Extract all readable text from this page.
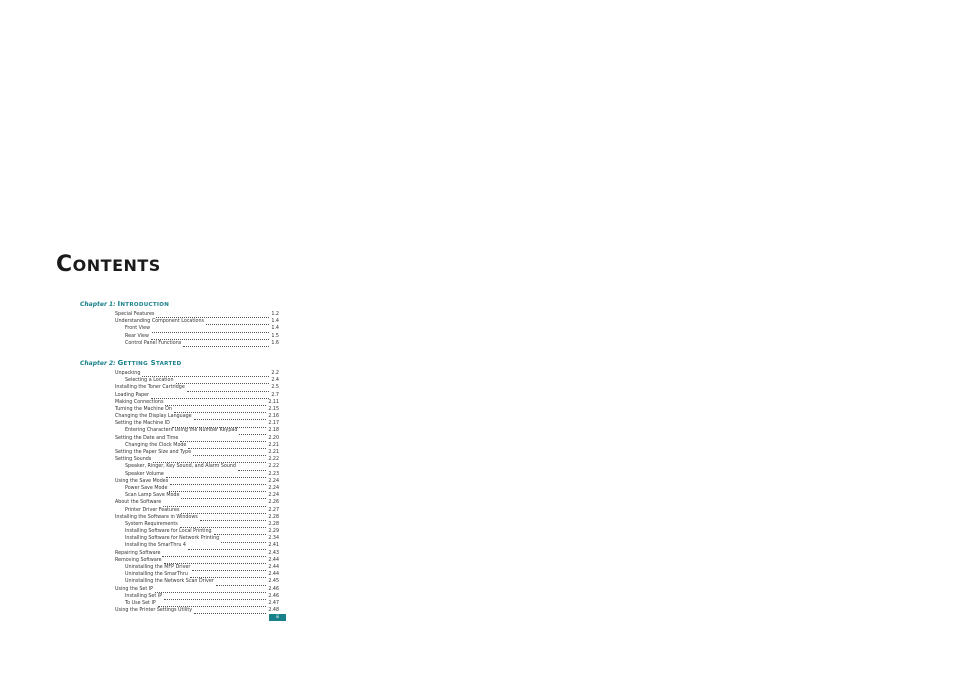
CONTENTS
Chapter 1: INTRODUCTION
Special Features	1.2
Understanding Component Locations	1.4
Front View	1.4
Rear View	1.5
Control Panel Functions	1.6
Chapter 2: GETTING STARTED
Unpacking	2.2
Selecting a Location	2.4
Installing the Toner Cartridge	2.5
Loading Paper	2.7
Making Connections	2.11
Turning the Machine On	2.15
Changing the Display Language	2.16
Setting the Machine ID	2.17
Entering Characters Using the Number Keypad	2.18
Setting the Date and Time	2.20
Changing the Clock Mode	2.21
Setting the Paper Size and Type	2.21
Setting Sounds	2.22
Speaker, Ringer, Key Sound, and Alarm Sound	2.22
Speaker Volume	2.23
Using the Save Modes	2.24
Power Save Mode	2.24
Scan Lamp Save Mode	2.24
About the Software	2.26
Printer Driver Features	2.27
Installing the Software in Windows	2.28
System Requirements	2.28
Installing Software for Local Printing	2.29
Installing Software for Network Printing	2.34
Installing the SmarThru 4	2.41
Repairing Software	2.43
Removing Software	2.44
Uninstalling the MFP Driver	2.44
Uninstalling the SmarThru	2.44
Uninstalling the Network Scan Driver	2.45
Using the Set IP	2.46
Installing Set IP	2.46
To Use Set IP	2.47
Using the Printer Settings Utility	2.48
iii
